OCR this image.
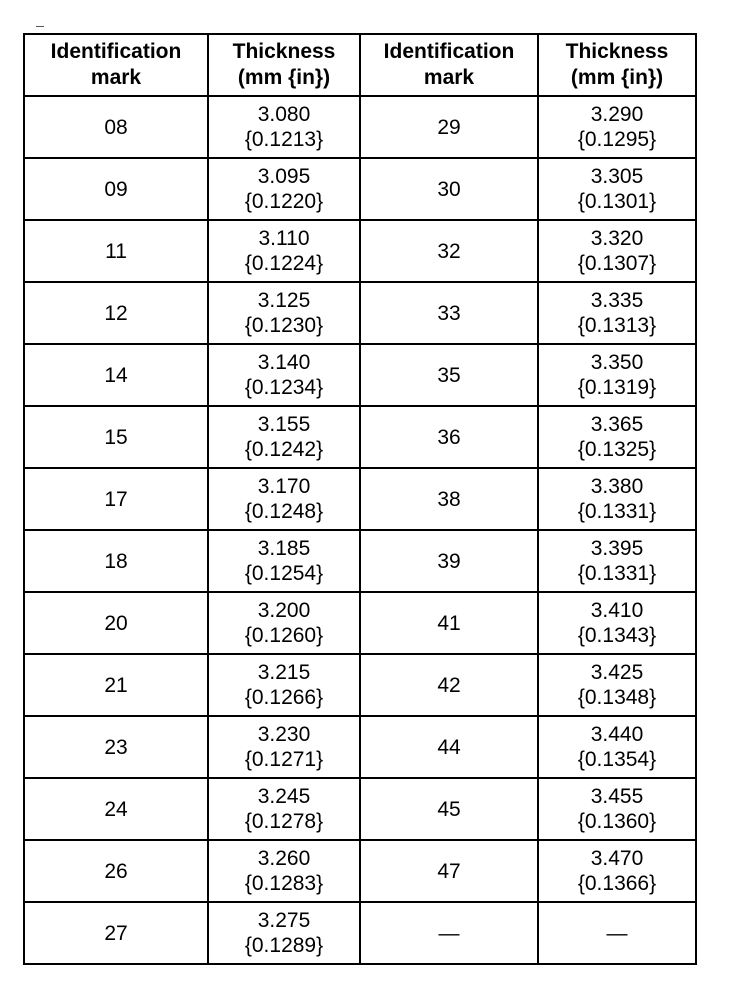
Identification
mark	Thickness
(mm {in})	Identification
mark	Thickness
(mm {in})

08	3.080
{0.1213}	29	3.290
{0.1295}

09	3.095
{0.1220}	30	3.305
{0.1301}

11	3.110
{0.1224}	32	3.320
{0.1307}

12	3.125
{0.1230}	33	3.335
{0.1313}

14	3.140
{0.1234}	35	3.350
{0.1319}

15	3.155
{0.1242}	36	3.365
{0.1325}

17	3.170
{0.1248}	38	3.380
{0.1331}

18	3.185
{0.1254}	39	3.395
{0.1331}

20	3.200
{0.1260}	41	3.410
{0.1343}

21	3.215
{0.1266}	42	3.425
{0.1348}

23	3.230
{0.1271}	44	3.440
{0.1354}

24	3.245
{0.1278}	45	3.455
{0.1360}

26	3.260
{0.1283}	47	3.470
{0.1366}

27	3.275
{0.1289}	—	—
